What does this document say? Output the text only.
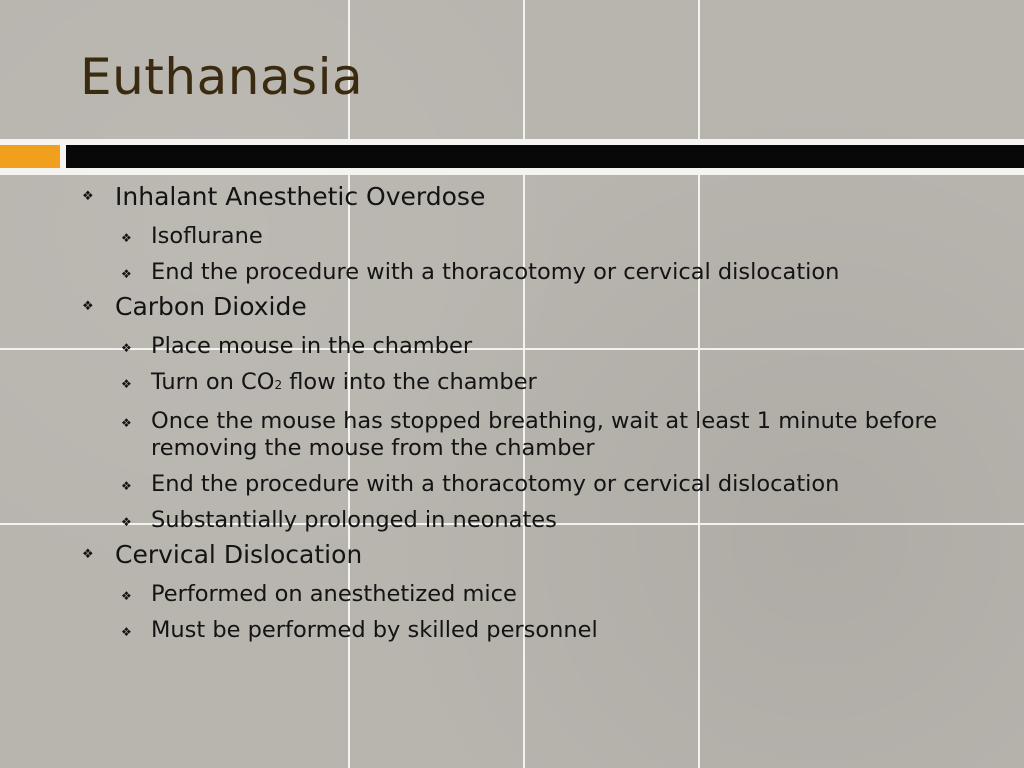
Euthanasia
❖ Inhalant Anesthetic Overdose
❖ Isoflurane
❖ End the procedure with a thoracotomy or cervical dislocation
❖ Carbon Dioxide
❖ Place mouse in the chamber
❖ Turn on CO2 flow into the chamber
❖ Once the mouse has stopped breathing, wait at least 1 minute before removing the mouse from the chamber
❖ End the procedure with a thoracotomy or cervical dislocation
❖ Substantially prolonged in neonates
❖ Cervical Dislocation
❖ Performed on anesthetized mice
❖ Must be performed by skilled personnel
